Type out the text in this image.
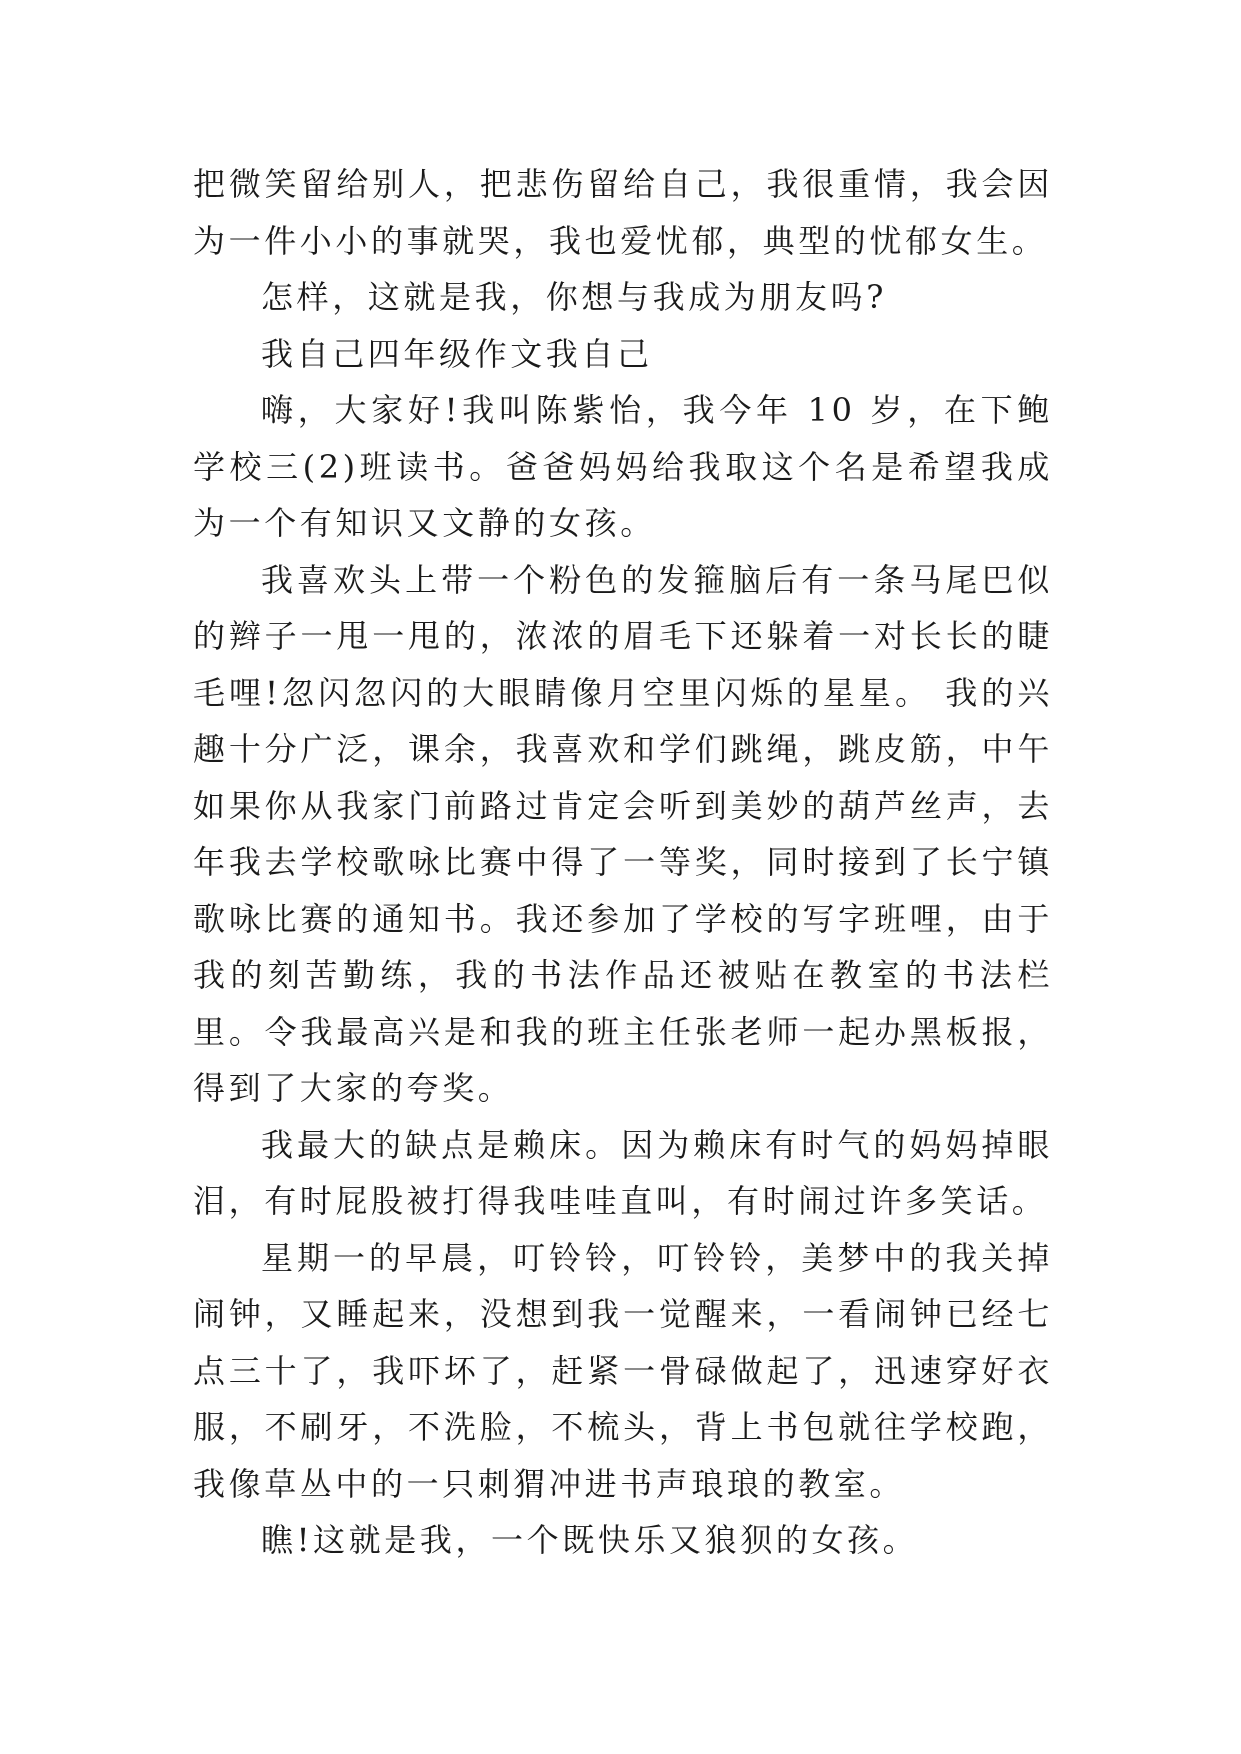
把微笑留给别人，把悲伤留给自己，我很重情，我会因为一件小小的事就哭，我也爱忧郁，典型的忧郁女生。

怎样，这就是我，你想与我成为朋友吗?

我自己四年级作文我自己

嗨，大家好!我叫陈紫怡，我今年 10 岁，在下鲍学校三(2)班读书。爸爸妈妈给我取这个名是希望我成为一个有知识又文静的女孩。

我喜欢头上带一个粉色的发箍脑后有一条马尾巴似的辫子一甩一甩的，浓浓的眉毛下还躲着一对长长的睫毛哩!忽闪忽闪的大眼睛像月空里闪烁的星星。 我的兴趣十分广泛，课余，我喜欢和学们跳绳，跳皮筋，中午如果你从我家门前路过肯定会听到美妙的葫芦丝声，去年我去学校歌咏比赛中得了一等奖，同时接到了长宁镇歌咏比赛的通知书。我还参加了学校的写字班哩，由于我的刻苦勤练，我的书法作品还被贴在教室的书法栏里。令我最高兴是和我的班主任张老师一起办黑板报，得到了大家的夸奖。

我最大的缺点是赖床。因为赖床有时气的妈妈掉眼泪，有时屁股被打得我哇哇直叫，有时闹过许多笑话。

星期一的早晨，叮铃铃，叮铃铃，美梦中的我关掉闹钟，又睡起来，没想到我一觉醒来，一看闹钟已经七点三十了，我吓坏了，赶紧一骨碌做起了，迅速穿好衣服，不刷牙，不洗脸，不梳头，背上书包就往学校跑，我像草丛中的一只刺猬冲进书声琅琅的教室。

瞧!这就是我，一个既快乐又狼狈的女孩。
